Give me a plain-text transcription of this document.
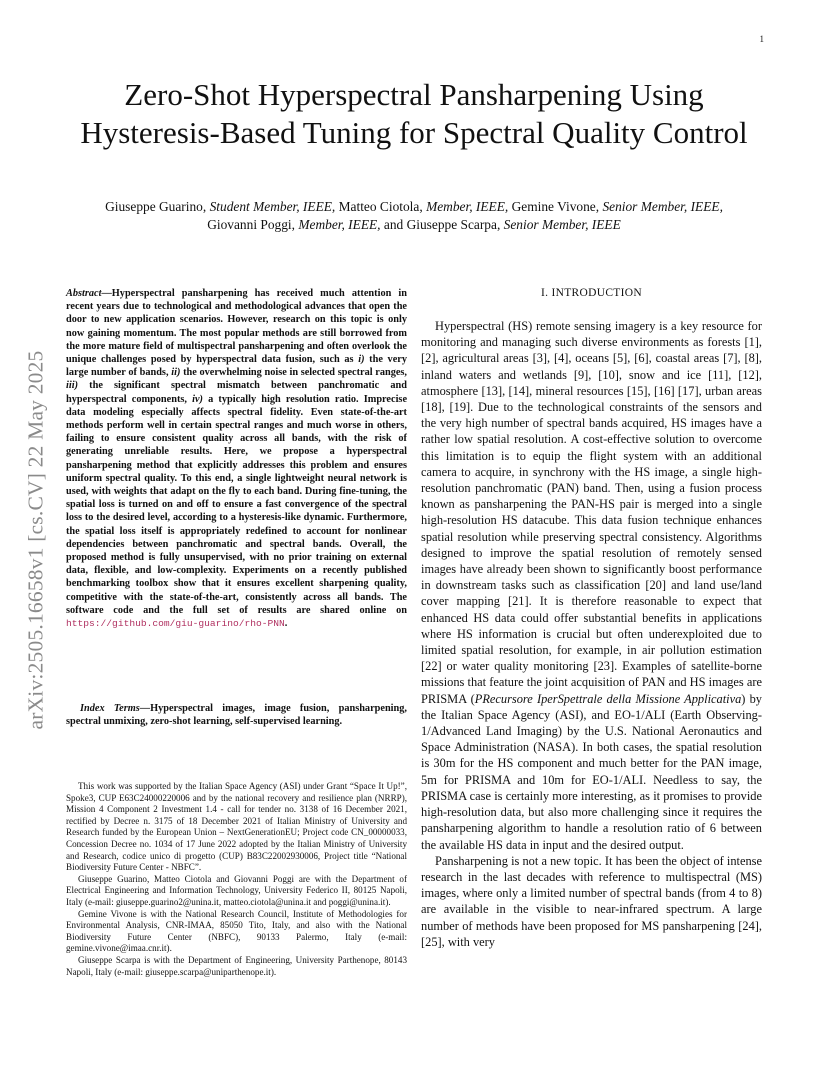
1
arXiv:2505.16658v1 [cs.CV] 22 May 2025
Zero-Shot Hyperspectral Pansharpening Using Hysteresis-Based Tuning for Spectral Quality Control
Giuseppe Guarino, Student Member, IEEE, Matteo Ciotola, Member, IEEE, Gemine Vivone, Senior Member, IEEE,
Giovanni Poggi, Member, IEEE, and Giuseppe Scarpa, Senior Member, IEEE
Abstract—Hyperspectral pansharpening has received much attention in recent years due to technological and methodological advances that open the door to new application scenarios. However, research on this topic is only now gaining momentum. The most popular methods are still borrowed from the more mature field of multispectral pansharpening and often overlook the unique challenges posed by hyperspectral data fusion, such as i) the very large number of bands, ii) the overwhelming noise in selected spectral ranges, iii) the significant spectral mismatch between panchromatic and hyperspectral components, iv) a typically high resolution ratio. Imprecise data modeling especially affects spectral fidelity. Even state-of-the-art methods perform well in certain spectral ranges and much worse in others, failing to ensure consistent quality across all bands, with the risk of generating unreliable results. Here, we propose a hyperspectral pansharpening method that explicitly addresses this problem and ensures uniform spectral quality. To this end, a single lightweight neural network is used, with weights that adapt on the fly to each band. During fine-tuning, the spatial loss is turned on and off to ensure a fast convergence of the spectral loss to the desired level, according to a hysteresis-like dynamic. Furthermore, the spatial loss itself is appropriately redefined to account for nonlinear dependencies between panchromatic and spectral bands. Overall, the proposed method is fully unsupervised, with no prior training on external data, flexible, and low-complexity. Experiments on a recently published benchmarking toolbox show that it ensures excellent sharpening quality, competitive with the state-of-the-art, consistently across all bands. The software code and the full set of results are shared online on https://github.com/giu-guarino/rho-PNN.
Index Terms—Hyperspectral images, image fusion, pansharpening, spectral unmixing, zero-shot learning, self-supervised learning.

This work was supported by the Italian Space Agency (ASI) under Grant “Space It Up!”, Spoke3, CUP E63C24000220006 and by the national recovery and resilience plan (NRRP), Mission 4 Component 2 Investment 1.4 - call for tender no. 3138 of 16 December 2021, rectified by Decree n. 3175 of 18 December 2021 of Italian Ministry of University and Research funded by the European Union – NextGenerationEU; Project code CN_00000033, Concession Decree no. 1034 of 17 June 2022 adopted by the Italian Ministry of University and Research, codice unico di progetto (CUP) B83C22002930006, Project title “National Biodiversity Future Center - NBFC”.

Giuseppe Guarino, Matteo Ciotola and Giovanni Poggi are with the Department of Electrical Engineering and Information Technology, University Federico II, 80125 Napoli, Italy (e-mail: giuseppe.guarino2@unina.it, matteo.ciotola@unina.it and poggi@unina.it).

Gemine Vivone is with the National Research Council, Institute of Methodologies for Environmental Analysis, CNR-IMAA, 85050 Tito, Italy, and also with the National Biodiversity Future Center (NBFC), 90133 Palermo, Italy (e-mail: gemine.vivone@imaa.cnr.it).

Giuseppe Scarpa is with the Department of Engineering, University Parthenope, 80143 Napoli, Italy (e-mail: giuseppe.scarpa@uniparthenope.it).

I. INTRODUCTION

Hyperspectral (HS) remote sensing imagery is a key resource for monitoring and managing such diverse environments as forests [1], [2], agricultural areas [3], [4], oceans [5], [6], coastal areas [7], [8], inland waters and wetlands [9], [10], snow and ice [11], [12], atmosphere [13], [14], mineral resources [15], [16] [17], urban areas [18], [19]. Due to the technological constraints of the sensors and the very high number of spectral bands acquired, HS images have a rather low spatial resolution. A cost-effective solution to overcome this limitation is to equip the flight system with an additional camera to acquire, in synchrony with the HS image, a single high-resolution panchromatic (PAN) band. Then, using a fusion process known as pansharpening the PAN-HS pair is merged into a single high-resolution HS datacube. This data fusion technique enhances spatial resolution while preserving spectral consistency. Algorithms designed to improve the spatial resolution of remotely sensed images have already been shown to significantly boost performance in downstream tasks such as classification [20] and land use/land cover mapping [21]. It is therefore reasonable to expect that enhanced HS data could offer substantial benefits in applications where HS information is crucial but often underexploited due to limited spatial resolution, for example, in air pollution estimation [22] or water quality monitoring [23]. Examples of satellite-borne missions that feature the joint acquisition of PAN and HS images are PRISMA (PRecursore IperSpettrale della Missione Applicativa) by the Italian Space Agency (ASI), and EO-1/ALI (Earth Observing-1/Advanced Land Imaging) by the U.S. National Aeronautics and Space Administration (NASA). In both cases, the spatial resolution is 30m for the HS component and much better for the PAN image, 5m for PRISMA and 10m for EO-1/ALI. Needless to say, the PRISMA case is certainly more interesting, as it promises to provide high-resolution data, but also more challenging since it requires the pansharpening algorithm to handle a resolution ratio of 6 between the available HS data in input and the desired output.

Pansharpening is not a new topic. It has been the object of intense research in the last decades with reference to multispectral (MS) images, where only a limited number of spectral bands (from 4 to 8) are available in the visible to near-infrared spectrum. A large number of methods have been proposed for MS pansharpening [24], [25], with very
